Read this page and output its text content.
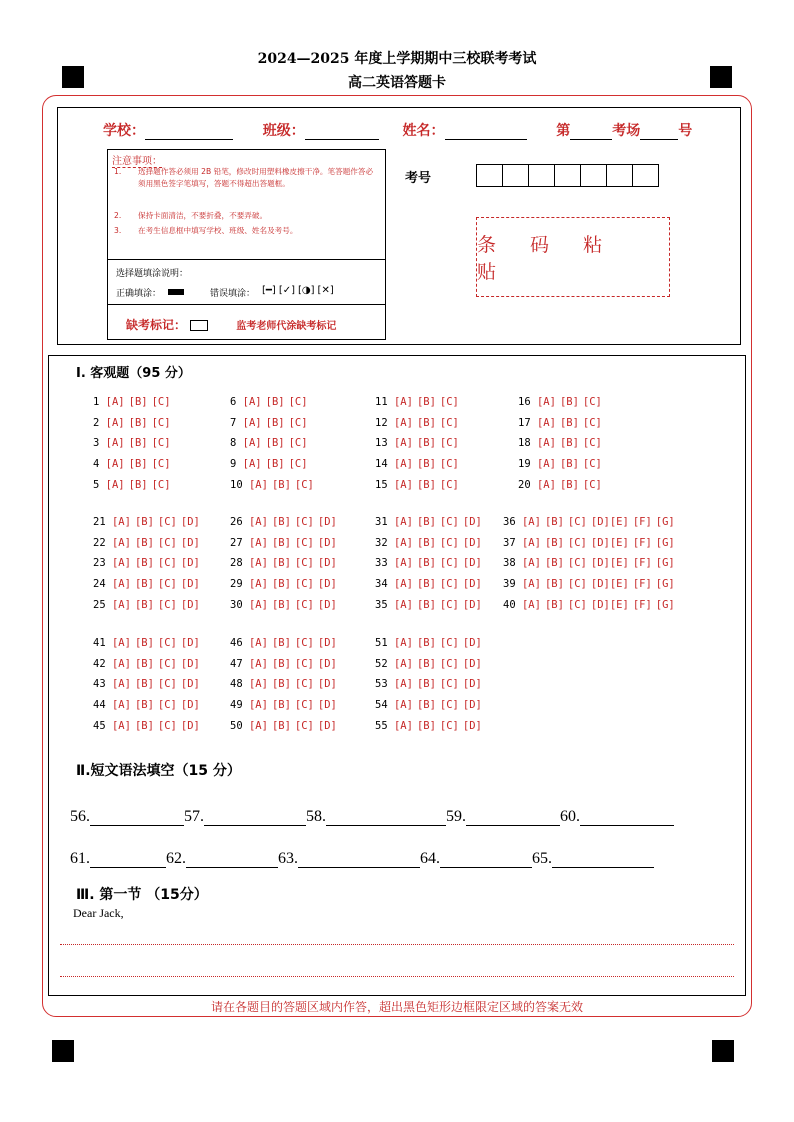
2024—2025 年度上学期期中三校联考考试
高二英语答题卡
学校：	班级：	姓名：	第	考场	号
注意事项：
1. 选择题作答必须用 2B 铅笔，修改时用塑料橡皮擦干净。笔答题作答必须用黑色签字笔填写，答题不得超出答题框。
2. 保持卡面清洁，不要折叠，不要弄破。
3. 在考生信息框中填写学校、班级、姓名及考号。
选择题填涂说明：
正确填涂：	错误填涂： [━] [✓] [◑] [✕]
缺考标记：	监考老师代涂缺考标记
考号
条 码 粘 贴
Ⅰ. 客观题（95 分）
1 [A] [B] [C]
2 [A] [B] [C]
3 [A] [B] [C]
4 [A] [B] [C]
5 [A] [B] [C]
6 [A] [B] [C]
7 [A] [B] [C]
8 [A] [B] [C]
9 [A] [B] [C]
10 [A] [B] [C]
11 [A] [B] [C]
12 [A] [B] [C]
13 [A] [B] [C]
14 [A] [B] [C]
15 [A] [B] [C]
16 [A] [B] [C]
17 [A] [B] [C]
18 [A] [B] [C]
19 [A] [B] [C]
20 [A] [B] [C]
21 [A] [B] [C] [D]
22 [A] [B] [C] [D]
23 [A] [B] [C] [D]
24 [A] [B] [C] [D]
25 [A] [B] [C] [D]
26 [A] [B] [C] [D]
27 [A] [B] [C] [D]
28 [A] [B] [C] [D]
29 [A] [B] [C] [D]
30 [A] [B] [C] [D]
31 [A] [B] [C] [D]
32 [A] [B] [C] [D]
33 [A] [B] [C] [D]
34 [A] [B] [C] [D]
35 [A] [B] [C] [D]
36 [A] [B] [C] [D][E] [F] [G]
37 [A] [B] [C] [D][E] [F] [G]
38 [A] [B] [C] [D][E] [F] [G]
39 [A] [B] [C] [D][E] [F] [G]
40 [A] [B] [C] [D][E] [F] [G]
41 [A] [B] [C] [D]
42 [A] [B] [C] [D]
43 [A] [B] [C] [D]
44 [A] [B] [C] [D]
45 [A] [B] [C] [D]
46 [A] [B] [C] [D]
47 [A] [B] [C] [D]
48 [A] [B] [C] [D]
49 [A] [B] [C] [D]
50 [A] [B] [C] [D]
51 [A] [B] [C] [D]
52 [A] [B] [C] [D]
53 [A] [B] [C] [D]
54 [A] [B] [C] [D]
55 [A] [B] [C] [D]
Ⅱ.短文语法填空（15 分）
56.	57.	58.	59.	60.
61.	62.	63.	64.	65.
Ⅲ. 第一节 （15分）
Dear Jack,
请在各题目的答题区域内作答，超出黑色矩形边框限定区域的答案无效
